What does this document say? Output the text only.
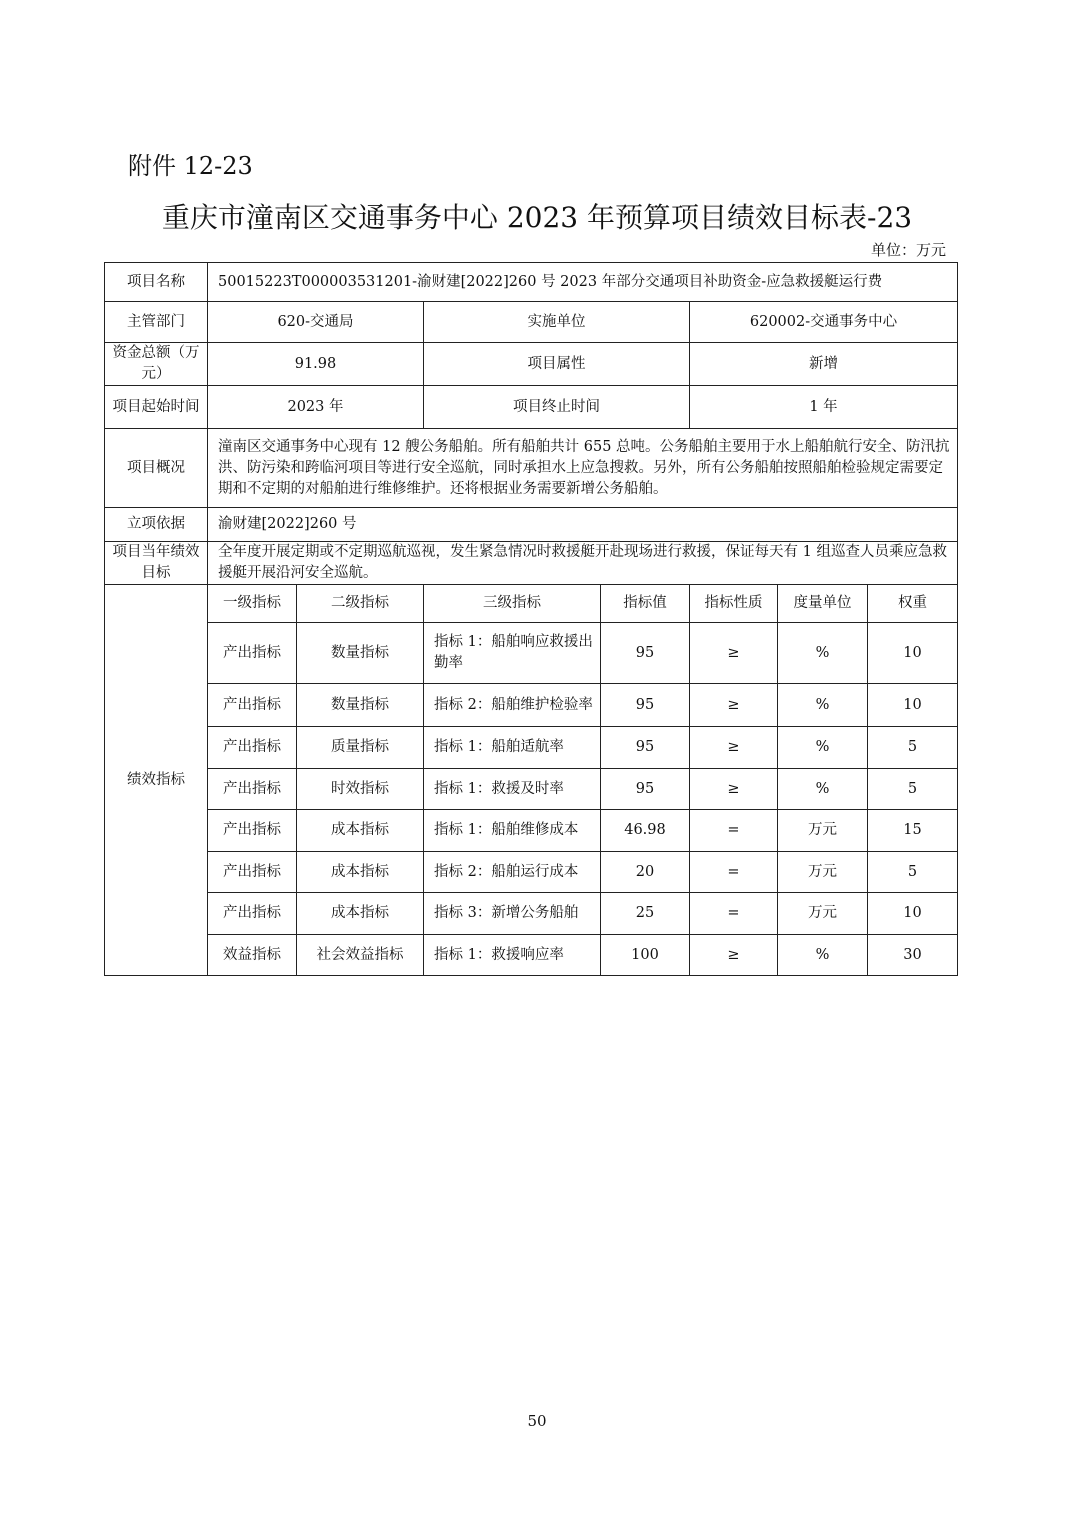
附件 12-23
重庆市潼南区交通事务中心 2023 年预算项目绩效目标表-23
单位：万元
项目名称	50015223T000003531201-渝财建[2022]260 号 2023 年部分交通项目补助资金-应急救援艇运行费						
主管部门	620-交通局		实施单位		620002-交通事务中心		
资金总额（万元）	91.98		项目属性		新增		
项目起始时间	2023 年		项目终止时间		1 年		
项目概况	潼南区交通事务中心现有 12 艘公务船舶。所有船舶共计 655 总吨。公务船舶主要用于水上船舶航行安全、防汛抗洪、防污染和跨临河项目等进行安全巡航，同时承担水上应急搜救。另外，所有公务船舶按照船舶检验规定需要定期和不定期的对船舶进行维修维护。还将根据业务需要新增公务船舶。						
立项依据	渝财建[2022]260 号						
项目当年绩效目标	全年度开展定期或不定期巡航巡视，发生紧急情况时救援艇开赴现场进行救援，保证每天有 1 组巡查人员乘应急救援艇开展沿河安全巡航。						
绩效指标	一级指标	二级指标	三级指标	指标值	指标性质	度量单位	权重
	产出指标	数量指标	指标 1：船舶响应救援出勤率	95	≥	%	10
	产出指标	数量指标	指标 2：船舶维护检验率	95	≥	%	10
	产出指标	质量指标	指标 1：船舶适航率	95	≥	%	5
	产出指标	时效指标	指标 1：救援及时率	95	≥	%	5
	产出指标	成本指标	指标 1：船舶维修成本	46.98	=	万元	15
	产出指标	成本指标	指标 2：船舶运行成本	20	=	万元	5
	产出指标	成本指标	指标 3：新增公务船舶	25	=	万元	10
	效益指标	社会效益指标	指标 1：救援响应率	100	≥	%	30
50
